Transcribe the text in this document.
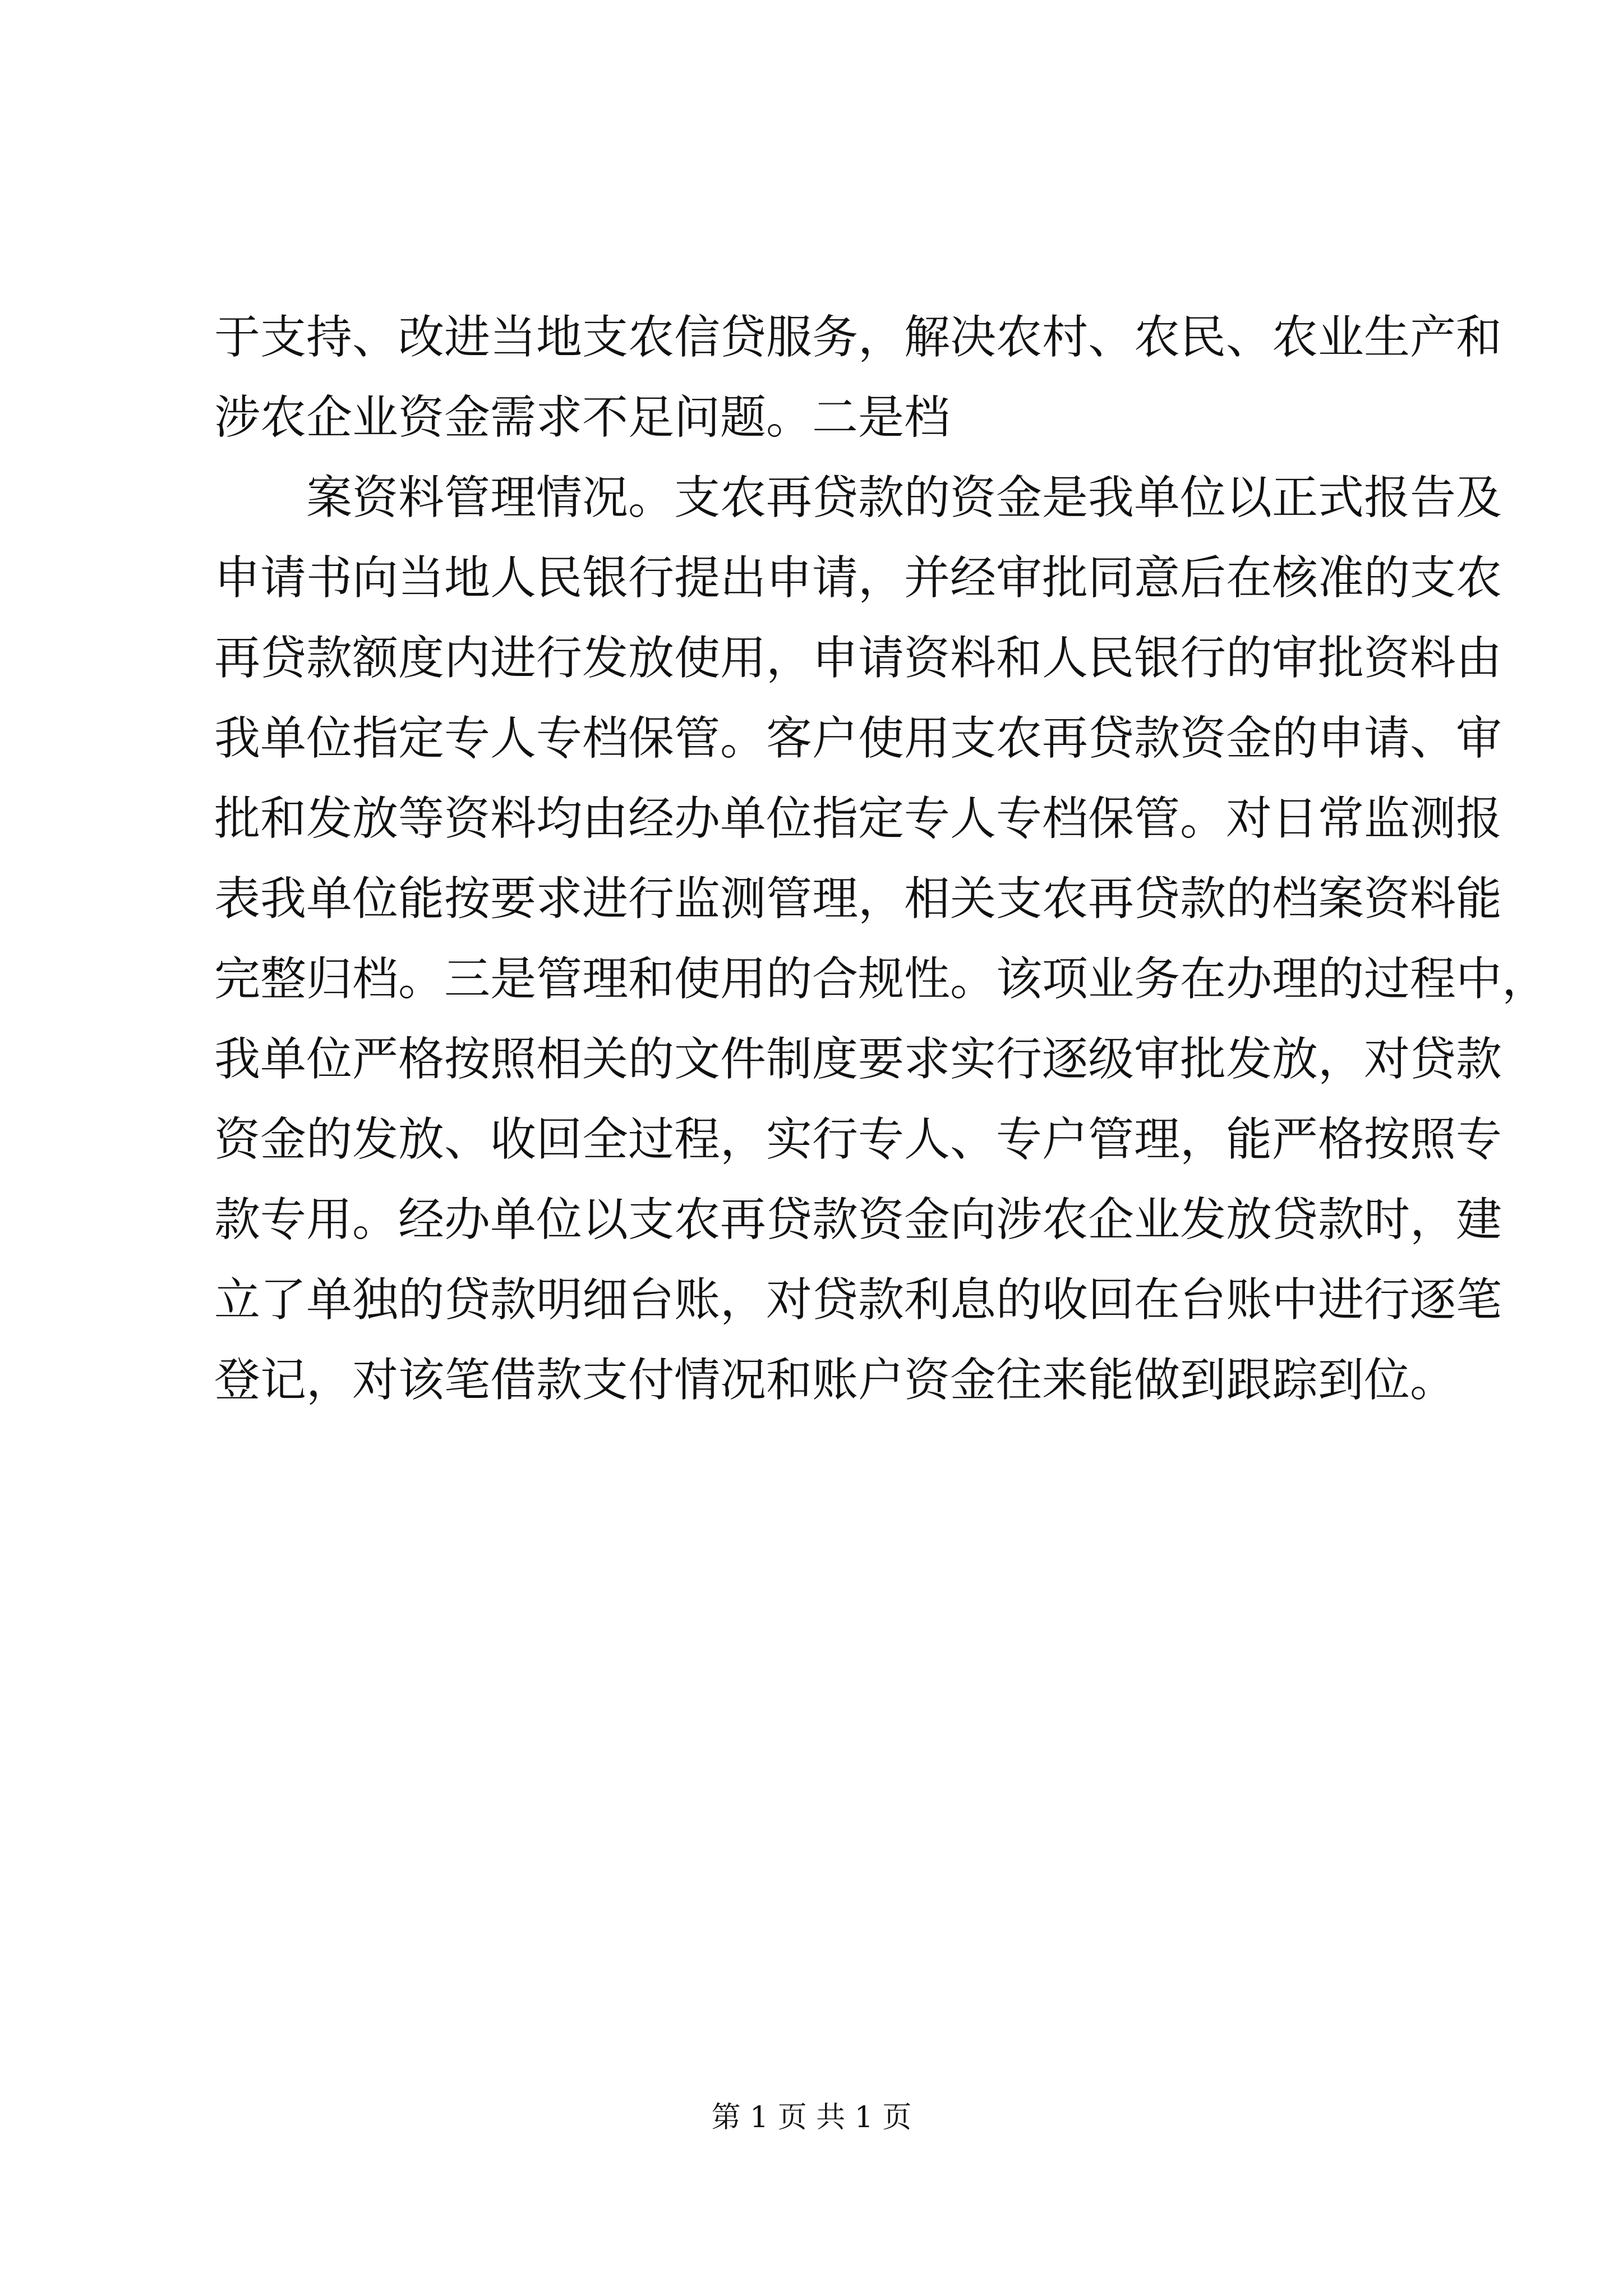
于支持、改进当地支农信贷服务，解决农村、农民、农业生产和
涉农企业资金需求不足问题。二是档
案资料管理情况。支农再贷款的资金是我单位以正式报告及
申请书向当地人民银行提出申请，并经审批同意后在核准的支农
再贷款额度内进行发放使用，申请资料和人民银行的审批资料由
我单位指定专人专档保管。客户使用支农再贷款资金的申请、审
批和发放等资料均由经办单位指定专人专档保管。对日常监测报
表我单位能按要求进行监测管理，相关支农再贷款的档案资料能
完整归档。三是管理和使用的合规性。该项业务在办理的过程中，
我单位严格按照相关的文件制度要求实行逐级审批发放，对贷款
资金的发放、收回全过程，实行专人、专户管理，能严格按照专
款专用。经办单位以支农再贷款资金向涉农企业发放贷款时，建
立了单独的贷款明细台账，对贷款利息的收回在台账中进行逐笔
登记，对该笔借款支付情况和账户资金往来能做到跟踪到位。
第 1 页 共 1 页
